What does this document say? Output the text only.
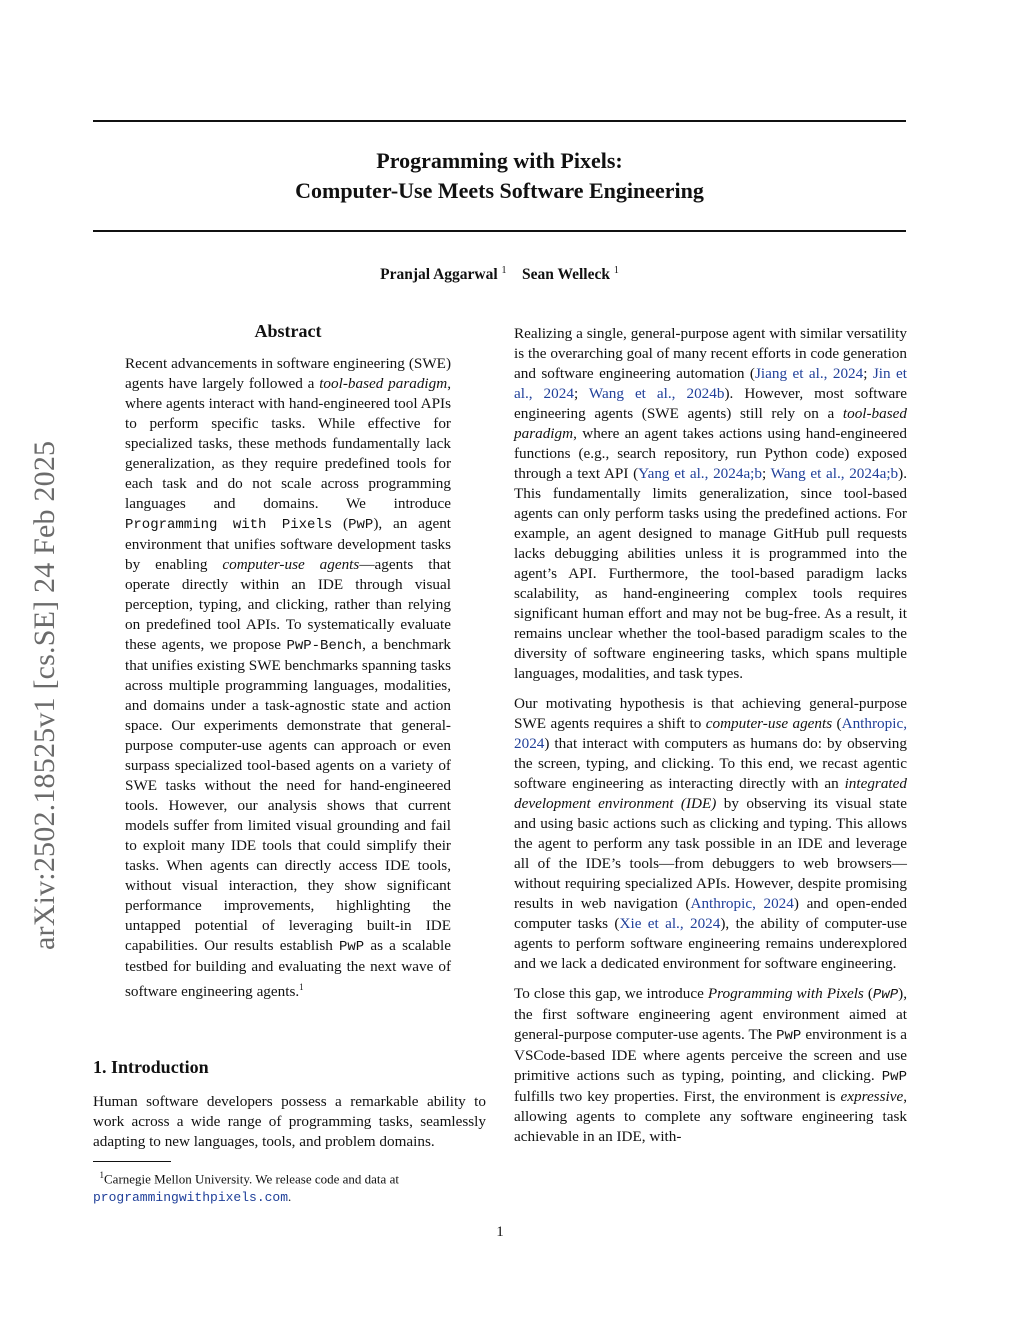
arXiv:2502.18525v1 [cs.SE] 24 Feb 2025
Programming with Pixels:
Computer-Use Meets Software Engineering
Pranjal Aggarwal $^1$ Sean Welleck $^1$
Abstract
Recent advancements in software engineering (SWE) agents have largely followed a tool-based paradigm, where agents interact with hand-engineered tool APIs to perform specific tasks. While effective for specialized tasks, these methods fundamentally lack generalization, as they require predefined tools for each task and do not scale across programming languages and domains. We introduce Programming with Pixels (PwP), an agent environment that unifies software development tasks by enabling computer-use agents—agents that operate directly within an IDE through visual perception, typing, and clicking, rather than relying on predefined tool APIs. To systematically evaluate these agents, we propose PwP-Bench, a benchmark that unifies existing SWE benchmarks spanning tasks across multiple programming languages, modalities, and domains under a task-agnostic state and action space. Our experiments demonstrate that general-purpose computer-use agents can approach or even surpass specialized tool-based agents on a variety of SWE tasks without the need for hand-engineered tools. However, our analysis shows that current models suffer from limited visual grounding and fail to exploit many IDE tools that could simplify their tasks. When agents can directly access IDE tools, without visual interaction, they show significant performance improvements, highlighting the untapped potential of leveraging built-in IDE capabilities. Our results establish PwP as a scalable testbed for building and evaluating the next wave of software engineering agents.$^1$
1. Introduction
Human software developers possess a remarkable ability to work across a wide range of programming tasks, seamlessly adapting to new languages, tools, and problem domains.
$^1$Carnegie Mellon University. We release code and data at
programmingwithpixels.com.

Realizing a single, general-purpose agent with similar versatility is the overarching goal of many recent efforts in code generation and software engineering automation (Jiang et al., 2024; Jin et al., 2024; Wang et al., 2024b). However, most software engineering agents (SWE agents) still rely on a tool-based paradigm, where an agent takes actions using hand-engineered functions (e.g., search repository, run Python code) exposed through a text API (Yang et al., 2024a;b; Wang et al., 2024a;b). This fundamentally limits generalization, since tool-based agents can only perform tasks using the predefined actions. For example, an agent designed to manage GitHub pull requests lacks debugging abilities unless it is programmed into the agent’s API. Furthermore, the tool-based paradigm lacks scalability, as hand-engineering complex tools requires significant human effort and may not be bug-free. As a result, it remains unclear whether the tool-based paradigm scales to the diversity of software engineering tasks, which spans multiple languages, modalities, and task types.

Our motivating hypothesis is that achieving general-purpose SWE agents requires a shift to computer-use agents (Anthropic, 2024) that interact with computers as humans do: by observing the screen, typing, and clicking. To this end, we recast agentic software engineering as interacting directly with an integrated development environment (IDE) by observing its visual state and using basic actions such as clicking and typing. This allows the agent to perform any task possible in an IDE and leverage all of the IDE’s tools—from debuggers to web browsers—without requiring specialized APIs. However, despite promising results in web navigation (Anthropic, 2024) and open-ended computer tasks (Xie et al., 2024), the ability of computer-use agents to perform software engineering remains underexplored and we lack a dedicated environment for software engineering.

To close this gap, we introduce Programming with Pixels (PwP), the first software engineering agent environment aimed at general-purpose computer-use agents. The PwP environment is a VSCode-based IDE where agents perceive the screen and use primitive actions such as typing, pointing, and clicking. PwP fulfills two key properties. First, the environment is expressive, allowing agents to complete any software engineering task achievable in an IDE, with-

1
